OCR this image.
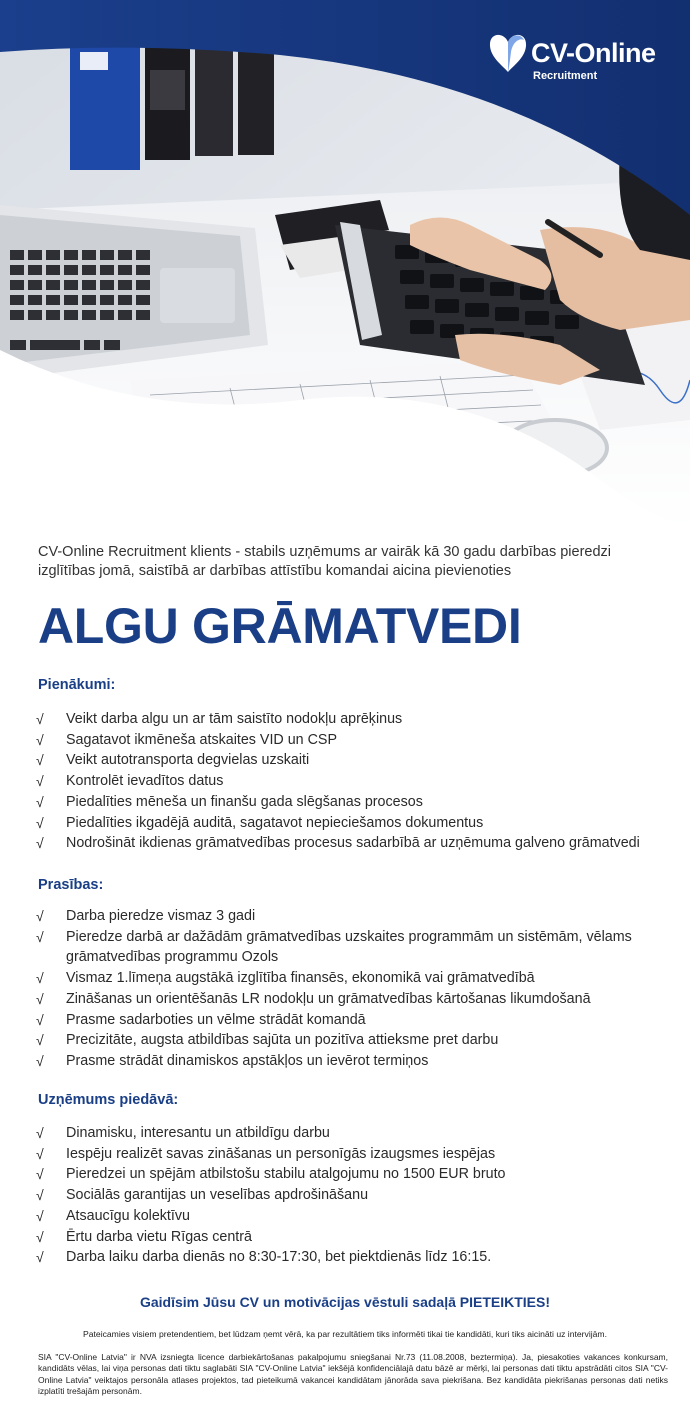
CV-Online
Recruitment

CV-Online Recruitment klients - stabils uzņēmums ar vairāk kā 30 gadu darbības pieredzi izglītības jomā, saistībā ar darbības attīstību komandai aicina pievienoties

ALGU GRĀMATVEDI
Pienākumi:
√	Veikt darba algu un ar tām saistīto nodokļu aprēķinus
√	Sagatavot ikmēneša atskaites VID un CSP
√	Veikt autotransporta degvielas uzskaiti
√	Kontrolēt ievadītos datus
√	Piedalīties mēneša un finanšu gada slēgšanas procesos
√	Piedalīties ikgadējā auditā, sagatavot nepieciešamos dokumentus
√	Nodrošināt ikdienas grāmatvedības procesus sadarbībā ar uzņēmuma galveno grāmatvedi
Prasības:
√	Darba pieredze vismaz 3 gadi
√	Pieredze darbā ar dažādām grāmatvedības uzskaites programmām un sistēmām, vēlams grāmatvedības programmu Ozols
√	Vismaz 1.līmeņa augstākā izglītība finansēs, ekonomikā vai grāmatvedībā
√	Zināšanas un orientēšanās LR nodokļu un grāmatvedības kārtošanas likumdošanā
√	Prasme sadarboties un vēlme strādāt komandā
√	Precizitāte, augsta atbildības sajūta un pozitīva attieksme pret darbu
√	Prasme strādāt dinamiskos apstākļos un ievērot termiņos
Uzņēmums piedāvā:
√	Dinamisku, interesantu un atbildīgu darbu
√	Iespēju realizēt savas zināšanas un personīgās izaugsmes iespējas
√	Pieredzei un spējām atbilstošu stabilu atalgojumu no 1500 EUR bruto
√	Sociālās garantijas un veselības apdrošināšanu
√	Atsaucīgu kolektīvu
√	Ērtu darba vietu Rīgas centrā
√	Darba laiku darba dienās no 8:30-17:30, bet piektdienās līdz 16:15.

Gaidīsim Jūsu CV un motivācijas vēstuli sadaļā PIETEIKTIES!

Pateicamies visiem pretendentiem, bet lūdzam ņemt vērā, ka par rezultātiem tiks informēti tikai tie kandidāti, kuri tiks aicināti uz intervijām.

SIA "CV-Online Latvia" ir NVA izsniegta licence darbiekārtošanas pakalpojumu sniegšanai Nr.73 (11.08.2008, beztermiņa). Ja, piesakoties vakances konkursam, kandidāts vēlas, lai viņa personas dati tiktu saglabāti SIA "CV-Online Latvia" iekšējā konfidenciālajā datu bāzē ar mērķi, lai personas dati tiktu apstrādāti citos SIA "CV-Online Latvia" veiktajos personāla atlases projektos, tad pieteikumā vakancei kandidātam jānorāda sava piekrišana. Bez kandidāta piekrišanas personas dati netiks izplatīti trešajām personām.
